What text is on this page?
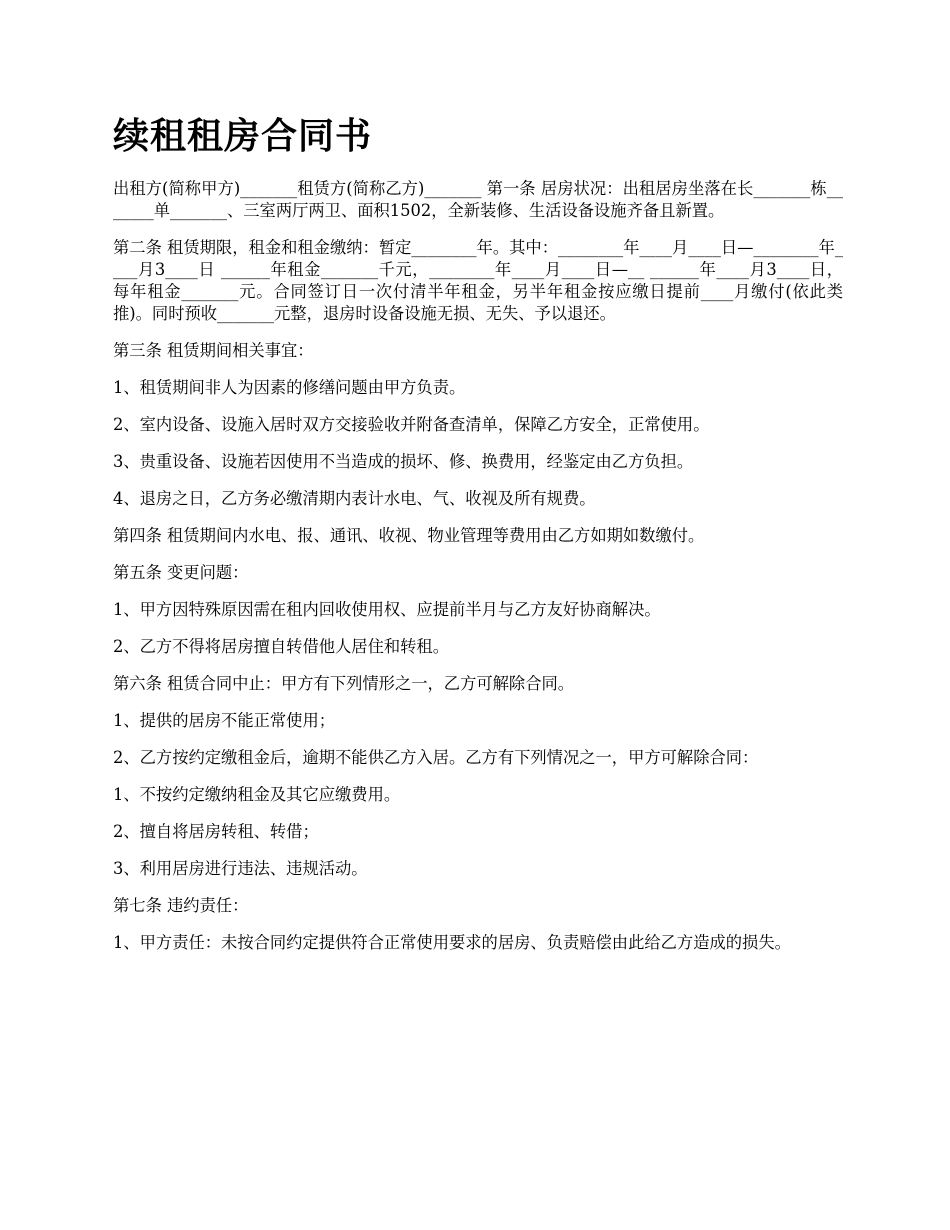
续租租房合同书

出租方(简称甲方)_______租赁方(简称乙方)_______ 第一条 居房状况：出租居房坐落在长_______栋_______单_______、三室两厅两卫、面积1502，全新装修、生活设备设施齐备且新置。

第二条 租赁期限，租金和租金缴纳：暂定________年。其中：________年____月____日—________年____月3____日 ______年租金_______千元，________年____月____日—__ ______年____月3____日，每年租金_______元。合同签订日一次付清半年租金，另半年租金按应缴日提前____月缴付(依此类推)。同时预收_______元整，退房时设备设施无损、无失、予以退还。

第三条 租赁期间相关事宜：

1、租赁期间非人为因素的修缮问题由甲方负责。

2、室内设备、设施入居时双方交接验收并附备查清单，保障乙方安全，正常使用。

3、贵重设备、设施若因使用不当造成的损坏、修、换费用，经鉴定由乙方负担。

4、退房之日，乙方务必缴清期内表计水电、气、收视及所有规费。

第四条 租赁期间内水电、报、通讯、收视、物业管理等费用由乙方如期如数缴付。

第五条 变更问题：

1、甲方因特殊原因需在租内回收使用权、应提前半月与乙方友好协商解决。

2、乙方不得将居房擅自转借他人居住和转租。

第六条 租赁合同中止：甲方有下列情形之一，乙方可解除合同。

1、提供的居房不能正常使用；

2、乙方按约定缴租金后，逾期不能供乙方入居。乙方有下列情况之一，甲方可解除合同：

1、不按约定缴纳租金及其它应缴费用。

2、擅自将居房转租、转借；

3、利用居房进行违法、违规活动。

第七条 违约责任：

1、甲方责任：未按合同约定提供符合正常使用要求的居房、负责赔偿由此给乙方造成的损失。
